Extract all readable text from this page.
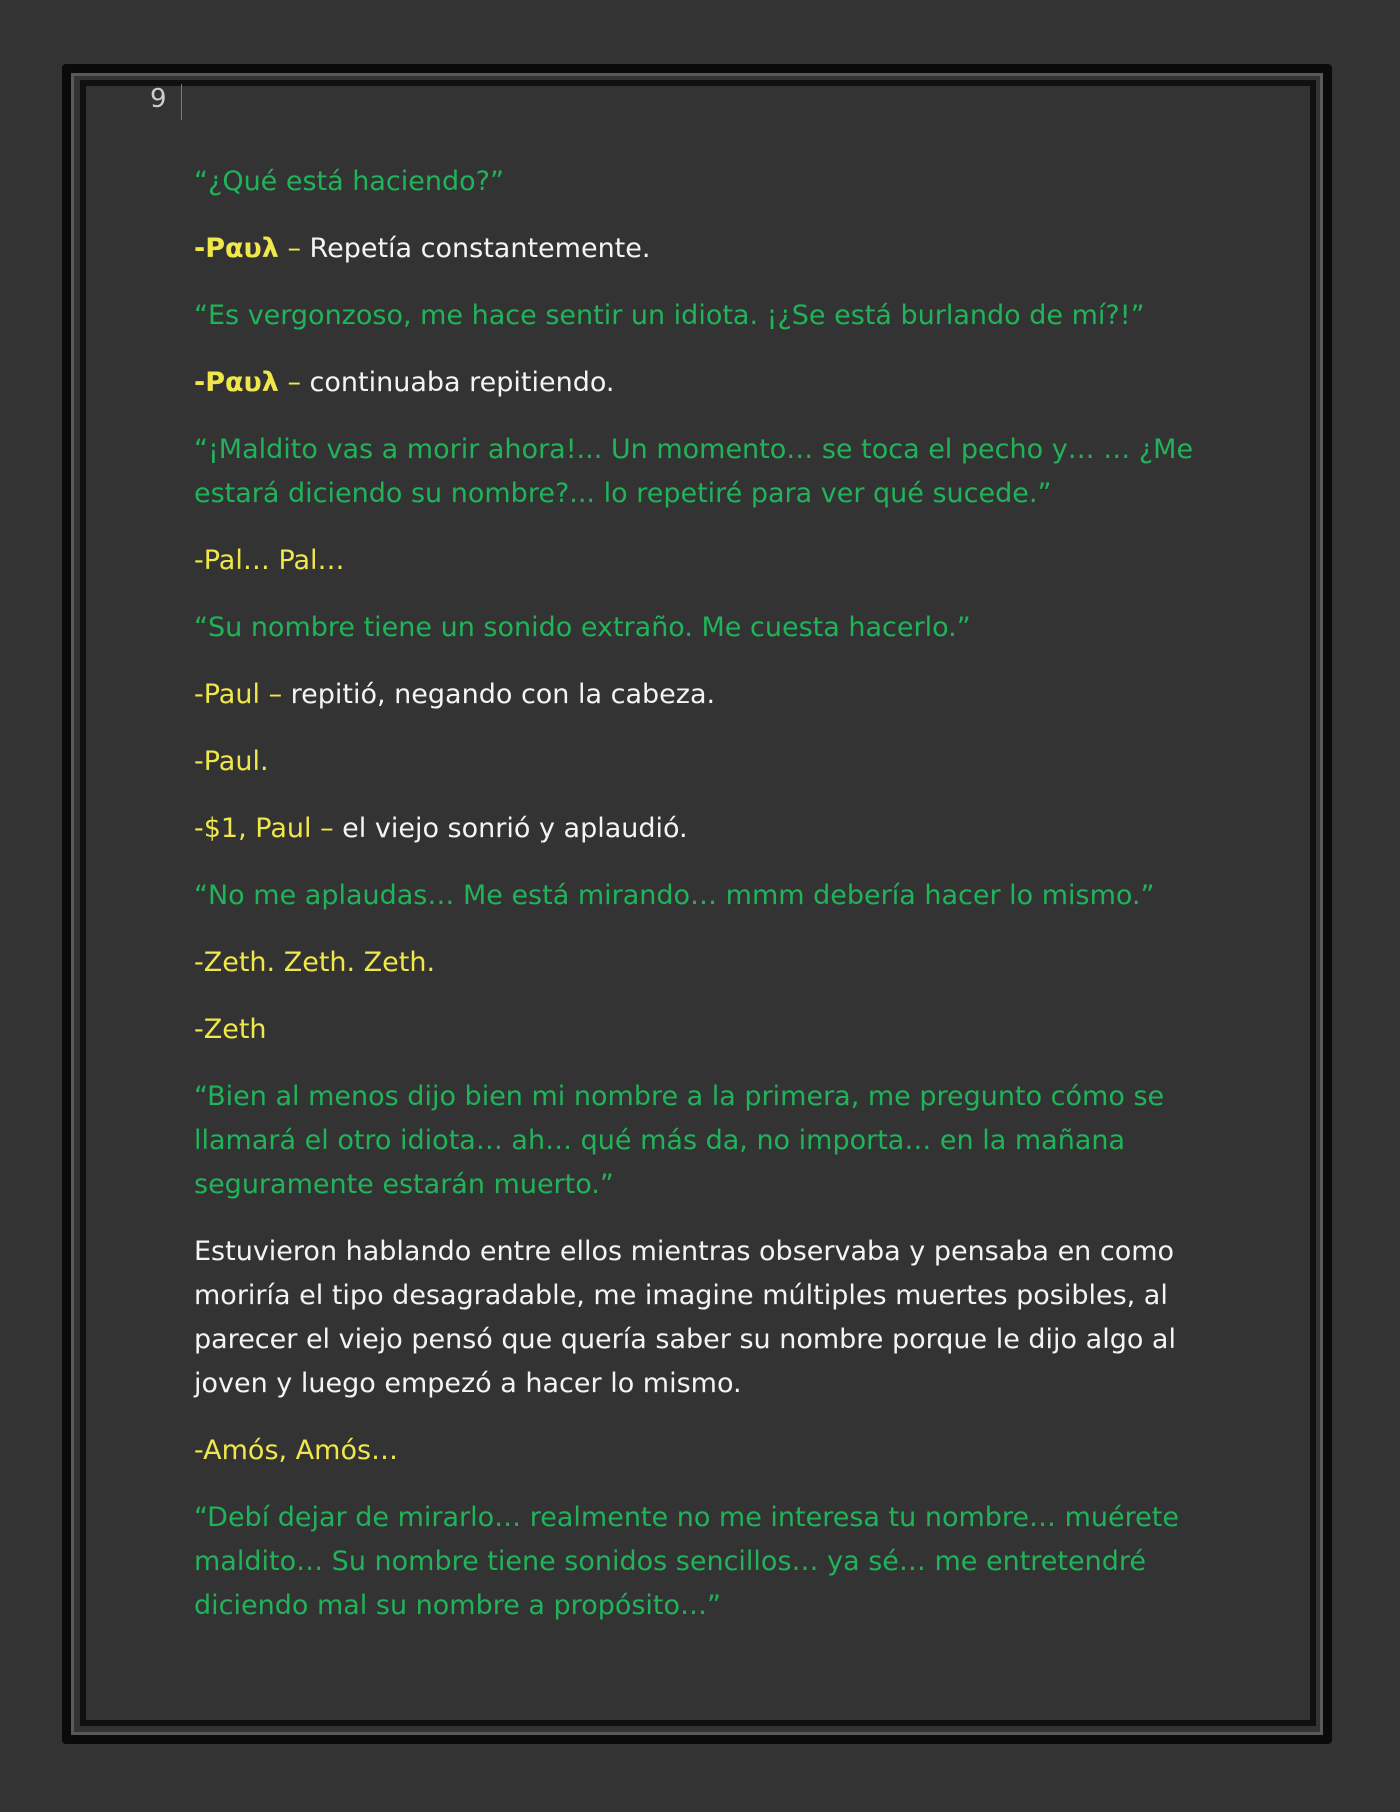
9

“¿Qué está haciendo?”

-Ραυλ – Repetía constantemente.

“Es vergonzoso, me hace sentir un idiota. ¡¿Se está burlando de mí?!”

-Ραυλ – continuaba repitiendo.

“¡Maldito vas a morir ahora!... Un momento… se toca el pecho y… … ¿Me estará diciendo su nombre?... lo repetiré para ver qué sucede.”

-Pal… Pal…

“Su nombre tiene un sonido extraño. Me cuesta hacerlo.”

-Paul – repitió, negando con la cabeza.

-Paul.

-$1, Paul – el viejo sonrió y aplaudió.

“No me aplaudas… Me está mirando… mmm debería hacer lo mismo.”

-Zeth. Zeth. Zeth.

-Zeth

“Bien al menos dijo bien mi nombre a la primera, me pregunto cómo se llamará el otro idiota… ah… qué más da, no importa… en la mañana seguramente estarán muerto.”

Estuvieron hablando entre ellos mientras observaba y pensaba en como moriría el tipo desagradable, me imagine múltiples muertes posibles, al parecer el viejo pensó que quería saber su nombre porque le dijo algo al joven y luego empezó a hacer lo mismo.

-Amós, Amós…

“Debí dejar de mirarlo… realmente no me interesa tu nombre… muérete maldito… Su nombre tiene sonidos sencillos… ya sé… me entretendré diciendo mal su nombre a propósito…”
